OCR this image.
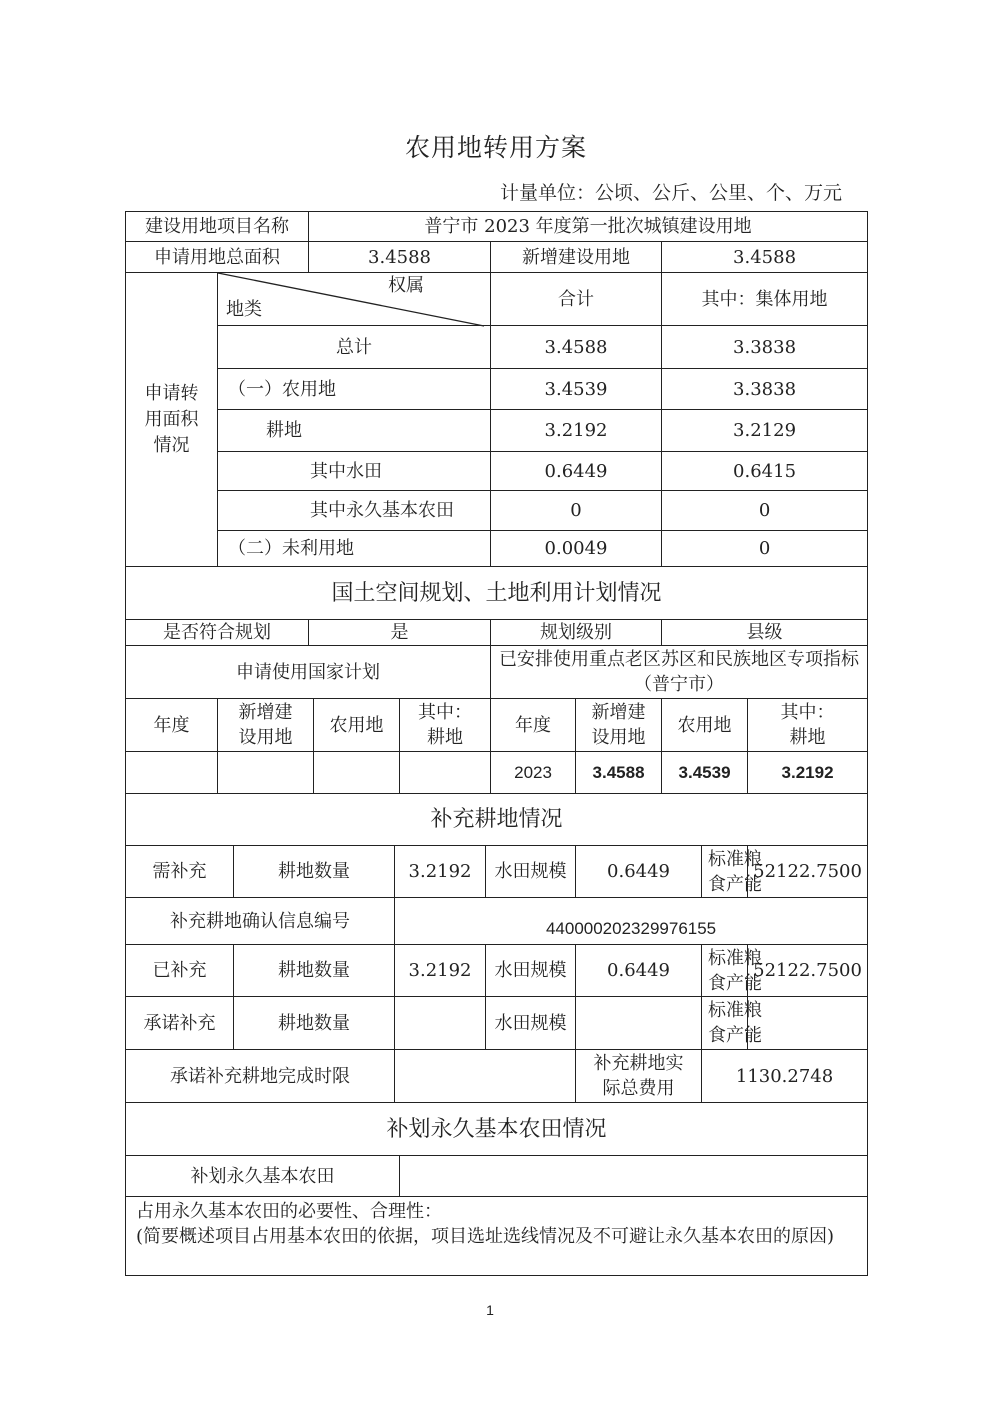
农用地转用方案
计量单位：公顷、公斤、公里、个、万元
建设用地项目名称			普宁市 2023 年度第一批次城镇建设用地									
申请用地总面积			3.4588					新增建设用地		3.4588		

申请转用面积情况	权属
地类							合计		其中：集体用地		
	总计							3.4588		3.3838		
	（一）农用地							3.4539		3.3838		
	耕地							3.2192		3.2129		
	其中水田							0.6449		0.6415		
	其中永久基本农田							0		0		
	（二）未利用地							0.0049		0		
国土空间规划、土地利用计划情况												
是否符合规划			是					规划级别		县级		
申请使用国家计划								已安排使用重点老区苏区和民族地区专项指标（普宁市）				
年度	新增建设用地			农用地		其中：耕地		年度	新增建设用地	农用地		其中：耕地

								2023	3.4588	3.4539		3.2192
补充耕地情况												
需补充		耕地数量			3.2192		水田规模		0.6449		标准粮食产能	52122.7500
补充耕地确认信息编号					440000202329976155							
已补充		耕地数量			3.2192		水田规模		0.6449		标准粮食产能	52122.7500
承诺补充		耕地数量					水田规模				标准粮食产能	

承诺补充耕地完成时限									补充耕地实际总费用		1130.2748	
补划永久基本农田情况												
补划永久基本农田												

占用永久基本农田的必要性、合理性：
(简要概述项目占用基本农田的依据，项目选址选线情况及不可避让永久基本农田的原因)												
1
